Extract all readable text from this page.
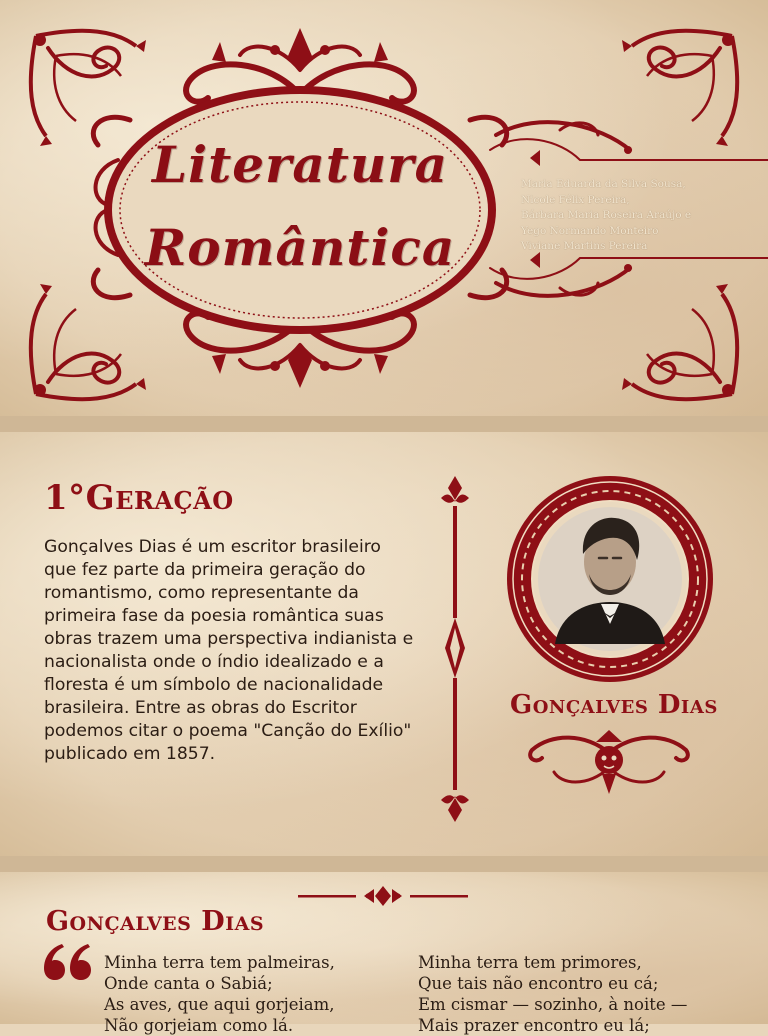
Literatura
Romântica
Maria Eduarda da Silva Sousa,
Nicole Félix Pereira,
Bárbara Maria Roseira Araújo e
Yego Normando Monteiro
Viviane Martins Pereira
1°Geração
Gonçalves Dias é um escritor brasileiro que fez parte da primeira geração do romantismo, como representante da primeira fase da poesia romântica suas obras trazem uma perspectiva indianista e nacionalista onde o índio idealizado e a floresta é um símbolo de nacionalidade brasileira. Entre as obras do Escritor podemos citar o poema "Canção do Exílio" publicado em 1857.
Gonçalves Dias
Gonçalves Dias
Minha terra tem palmeiras,
Onde canta o Sabiá;
As aves, que aqui gorjeiam,
Não gorjeiam como lá.
Minha terra tem primores,
Que tais não encontro eu cá;
Em cismar — sozinho, à noite —
Mais prazer encontro eu lá;
